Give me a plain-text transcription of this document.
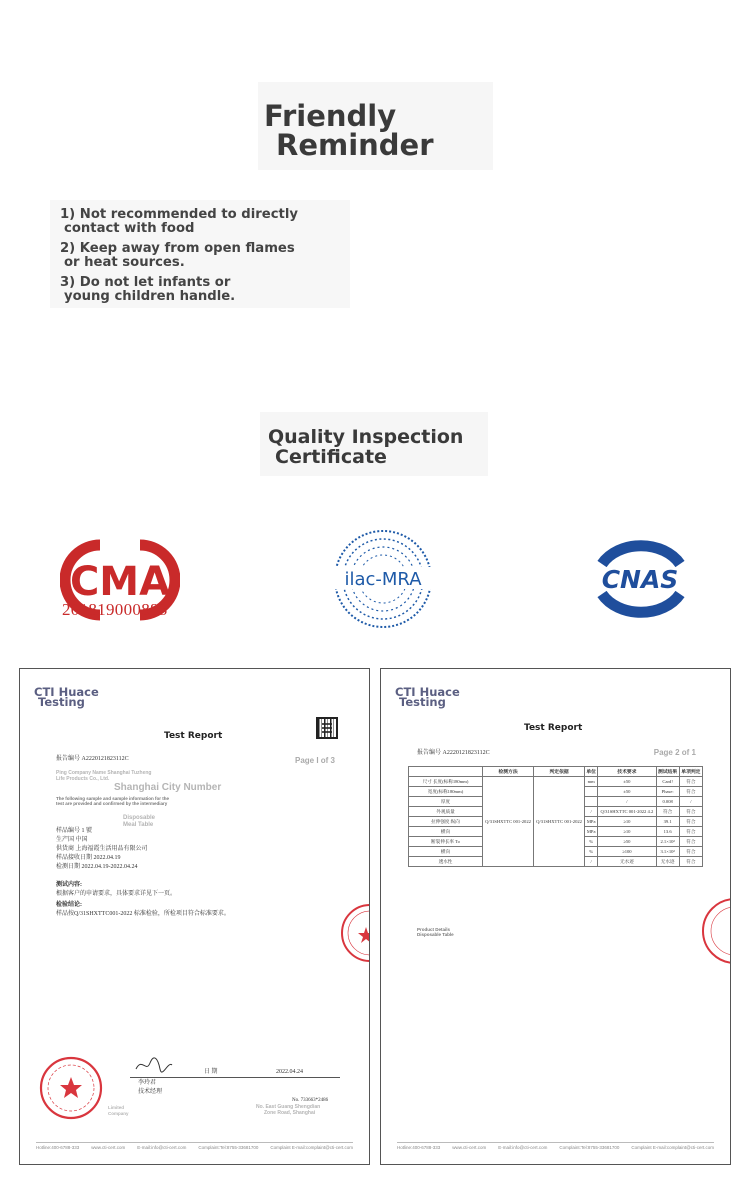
Friendly
Reminder
1) Not recommended to directly
contact with food
2) Keep away from open flames
or heat sources.
3) Do not let infants or
young children handle.
Quality Inspection
Certificate
CMA
201819000883
ilac-MRA	CNAS
CTI Huace
Testing
Test Report
报告编号 A2220121823112C	Page I of 3
Ping Company Name Shanghai Tuzheng
Life Products Co., Ltd.
Shanghai City Number
The following sample and sample information for the
test are provided and confirmed by the intermediary
Disposable
Meal Table
样品编号 1 號
生产国 中国
供货商 上海福霞生活用品有限公司
样品接收日期 2022.04.19
检测日期 2022.04.19-2022.04.24
测试内容:
根据客户的申请要求，具体要求详见下一页。
检验结论:
样品按Q/31SHXTTC001-2022 标准检验，所检项目符合标准要求。
日 期	2022.04.24
李玲君
技术经理
No. 733663*2486
Limited
Company
No. East Guang Shengdian
Zone Road, Shanghai
Hotline:400-6788-333	www.cti-cert.com	E-mail:info@cti-cert.com	Complaint:Tel:8755-33681700	Complaint E-mail:complaint@cti-cert.com
CTI Huace
Testing
Test Report
报告编号 A2220121823112C	Page 2 of 1
	检测方法	判定依据	单位	技术要求	测试结果	单项判定
尺寸 长度(标称180mm)	Q/31SHXTTC 001-2022	Q/31SHXTTC 001-2022	mm	±50	Card!	符合
宽度(标称180mm)				±50	Phase:	符合
厚度				/	0.008	/
外观质量			/	Q/31SHXTTC 001-2022 4.2	符合	符合
拉伸强度 纵向			MPa	≥10	39.1	符合
横向			MPa	≥10	13.6	符合
断裂伸长率 To			%	≥50	2.1×10²	符合
横向			%	≥100	3.1×10²	符合
透水性			/	无水迹	无水迹	符合
Product Details
Disposable Table
Hotline:400-6788-333	www.cti-cert.com	E-mail:info@cti-cert.com	Complaint:Tel:8755-33681700	Complaint E-mail:complaint@cti-cert.com
